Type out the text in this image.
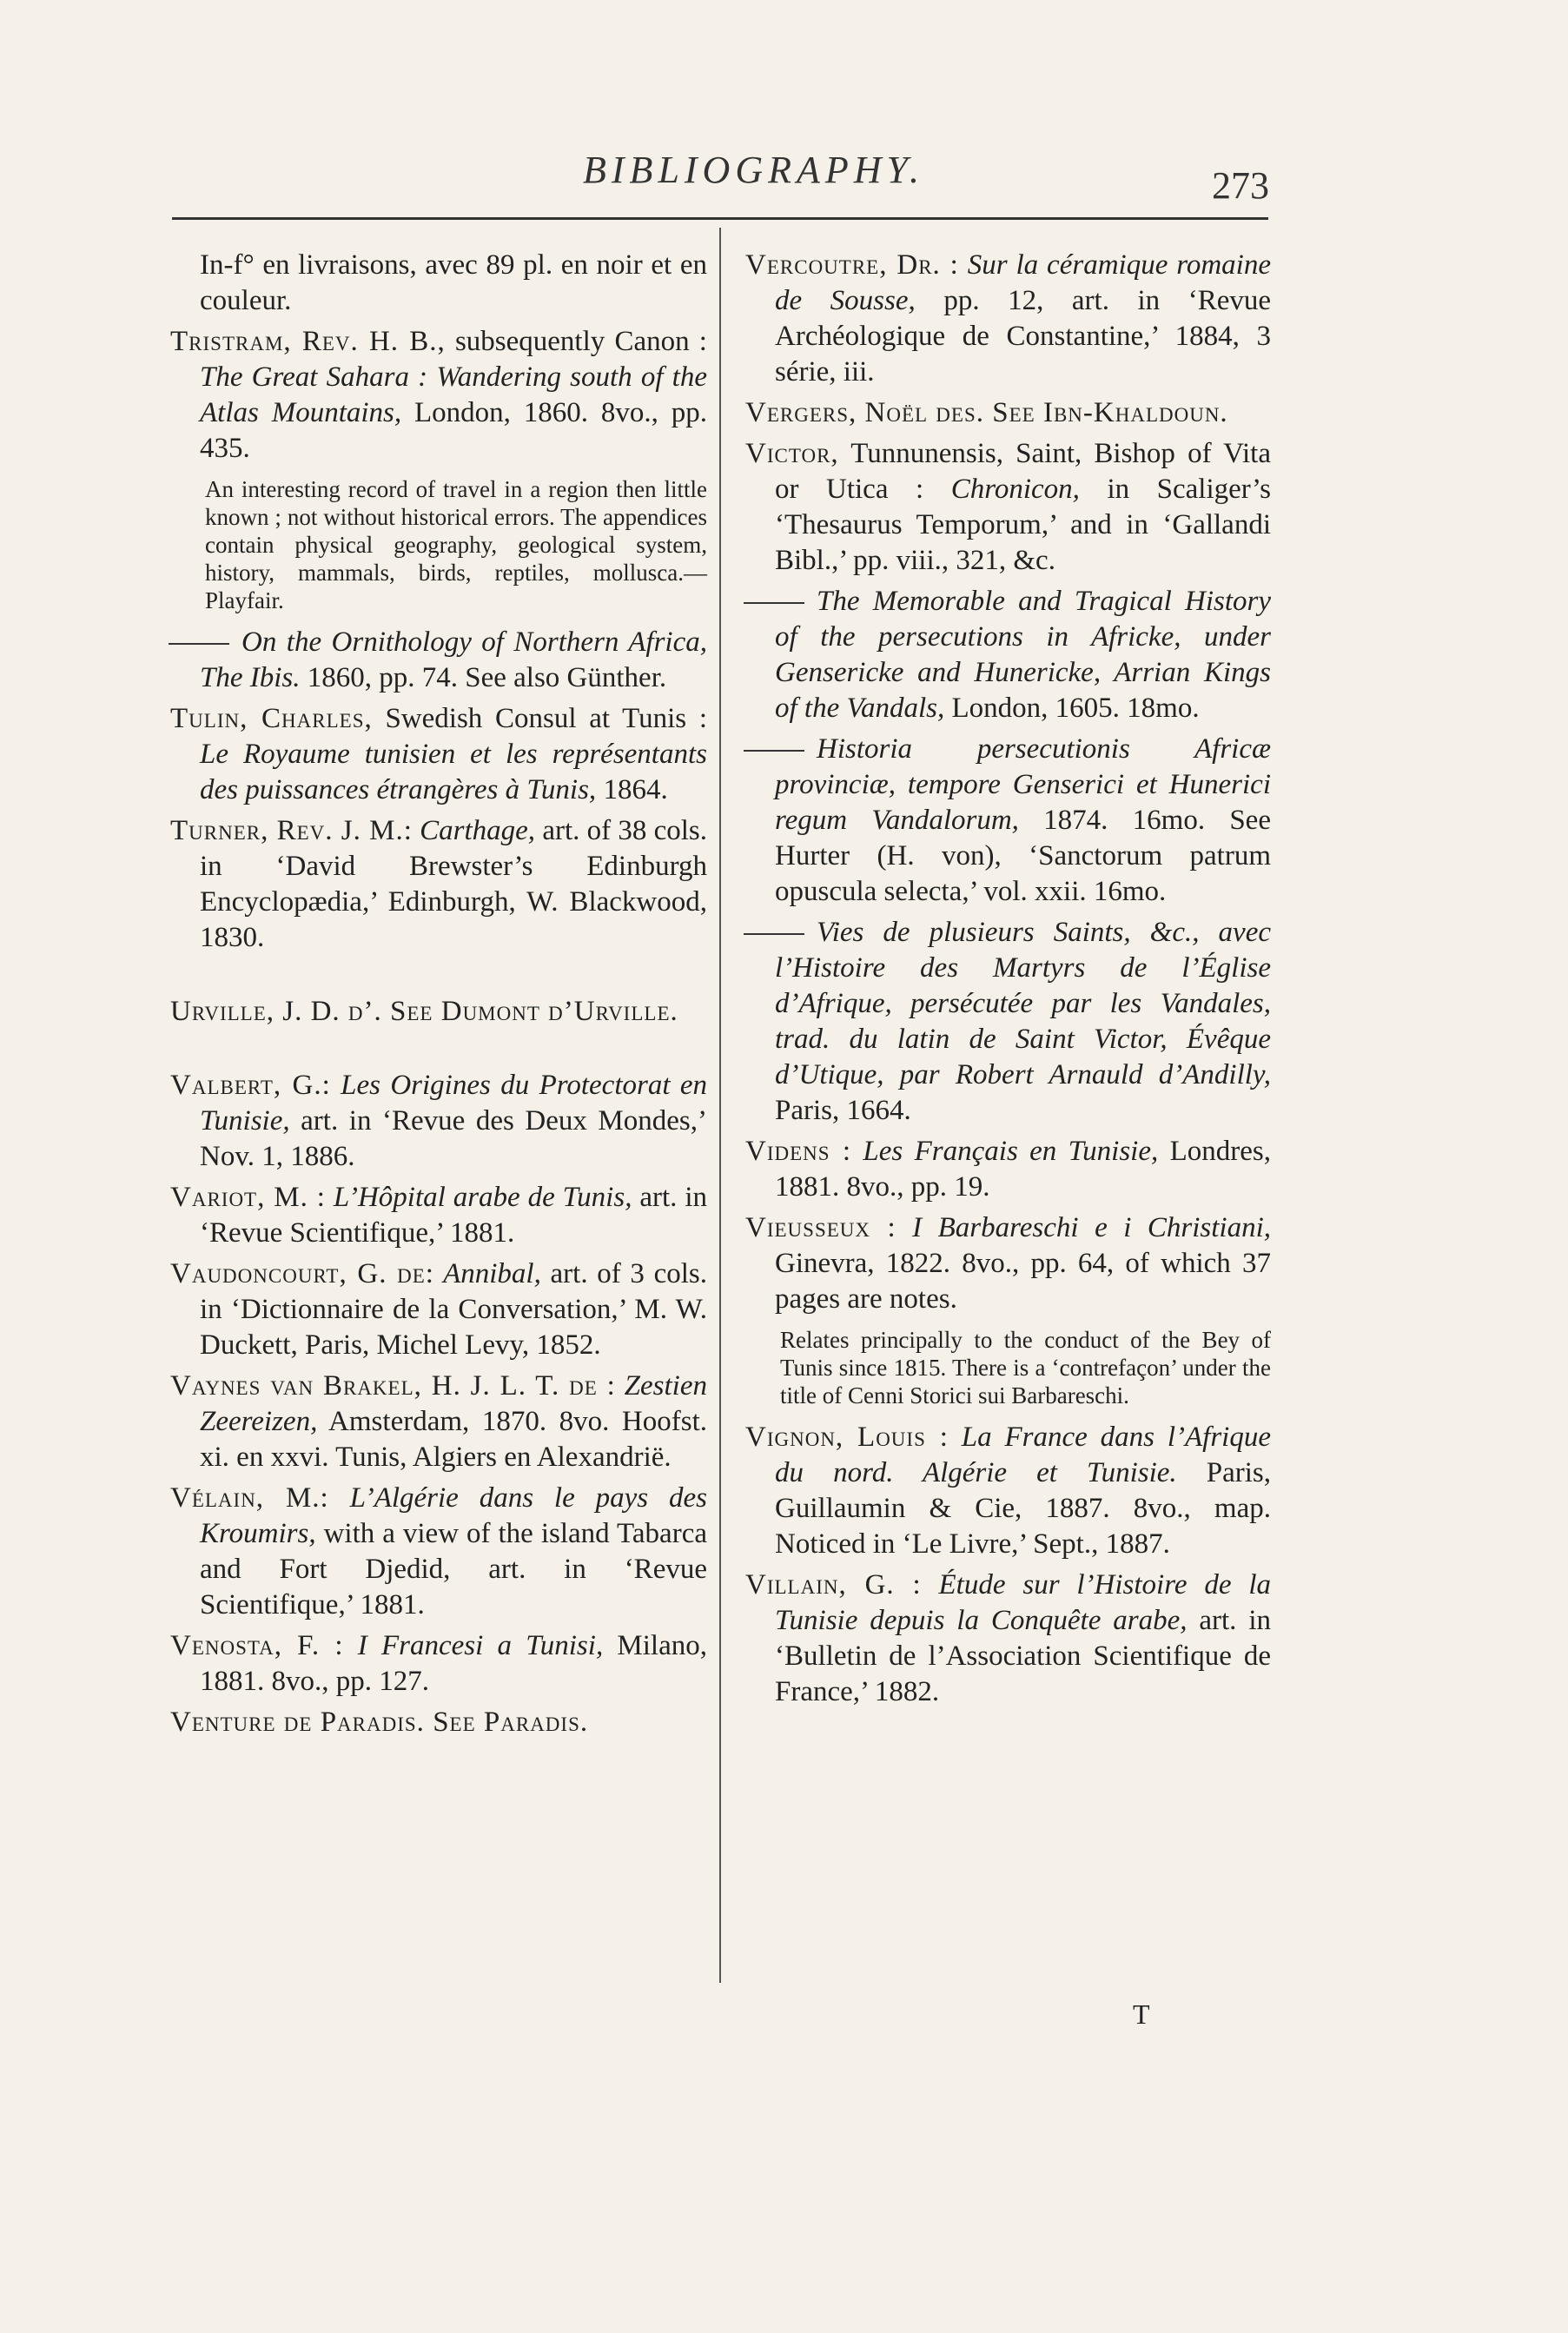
BIBLIOGRAPHY.	273
In-f° en livraisons, avec 89 pl. en noir et en couleur.
Tristram, Rev. H. B., subsequently Canon : The Great Sahara : Wandering south of the Atlas Mountains, London, 1860. 8vo., pp. 435.
An interesting record of travel in a region then little known ; not without historical errors. The appendices contain physical geography, geological system, history, mammals, birds, reptiles, mollusca.—Playfair.
On the Ornithology of Northern Africa, The Ibis. 1860, pp. 74. See also Günther.
Tulin, Charles, Swedish Consul at Tunis : Le Royaume tunisien et les représentants des puissances étrangères à Tunis, 1864.
Turner, Rev. J. M.: Carthage, art. of 38 cols. in ‘David Brewster’s Edinburgh Encyclopædia,’ Edinburgh, W. Blackwood, 1830.
Urville, J. D. d’. See Dumont d’Urville.
Valbert, G.: Les Origines du Protectorat en Tunisie, art. in ‘Revue des Deux Mondes,’ Nov. 1, 1886.
Variot, M. : L’Hôpital arabe de Tunis, art. in ‘Revue Scientifique,’ 1881.
Vaudoncourt, G. de: Annibal, art. of 3 cols. in ‘Dictionnaire de la Conversation,’ M. W. Duckett, Paris, Michel Levy, 1852.
Vaynes van Brakel, H. J. L. T. de : Zestien Zeereizen, Amsterdam, 1870. 8vo. Hoofst. xi. en xxvi. Tunis, Algiers en Alexandrië.
Vélain, M.: L’Algérie dans le pays des Kroumirs, with a view of the island Tabarca and Fort Djedid, art. in ‘Revue Scientifique,’ 1881.
Venosta, F. : I Francesi a Tunisi, Milano, 1881. 8vo., pp. 127.
Venture de Paradis. See Paradis.
Vercoutre, Dr. : Sur la céramique romaine de Sousse, pp. 12, art. in ‘Revue Archéologique de Constantine,’ 1884, 3 série, iii.
Vergers, Noël des. See Ibn-Khaldoun.
Victor, Tunnunensis, Saint, Bishop of Vita or Utica : Chronicon, in Scaliger’s ‘Thesaurus Temporum,’ and in ‘Gallandi Bibl.,’ pp. viii., 321, &c.
The Memorable and Tragical History of the persecutions in Africke, under Gensericke and Hunericke, Arrian Kings of the Vandals, London, 1605. 18mo.
Historia persecutionis Africæ provinciæ, tempore Genserici et Hunerici regum Vandalorum, 1874. 16mo. See Hurter (H. von), ‘Sanctorum patrum opuscula selecta,’ vol. xxii. 16mo.
Vies de plusieurs Saints, &c., avec l’Histoire des Martyrs de l’Église d’Afrique, persécutée par les Vandales, trad. du latin de Saint Victor, Évêque d’Utique, par Robert Arnauld d’Andilly, Paris, 1664.
Videns : Les Français en Tunisie, Londres, 1881. 8vo., pp. 19.
Vieusseux : I Barbareschi e i Christiani, Ginevra, 1822. 8vo., pp. 64, of which 37 pages are notes.
Relates principally to the conduct of the Bey of Tunis since 1815. There is a ‘contrefaçon’ under the title of Cenni Storici sui Barbareschi.
Vignon, Louis : La France dans l’Afrique du nord. Algérie et Tunisie. Paris, Guillaumin & Cie, 1887. 8vo., map. Noticed in ‘Le Livre,’ Sept., 1887.
Villain, G. : Étude sur l’Histoire de la Tunisie depuis la Conquête arabe, art. in ‘Bulletin de l’Association Scientifique de France,’ 1882.
T
